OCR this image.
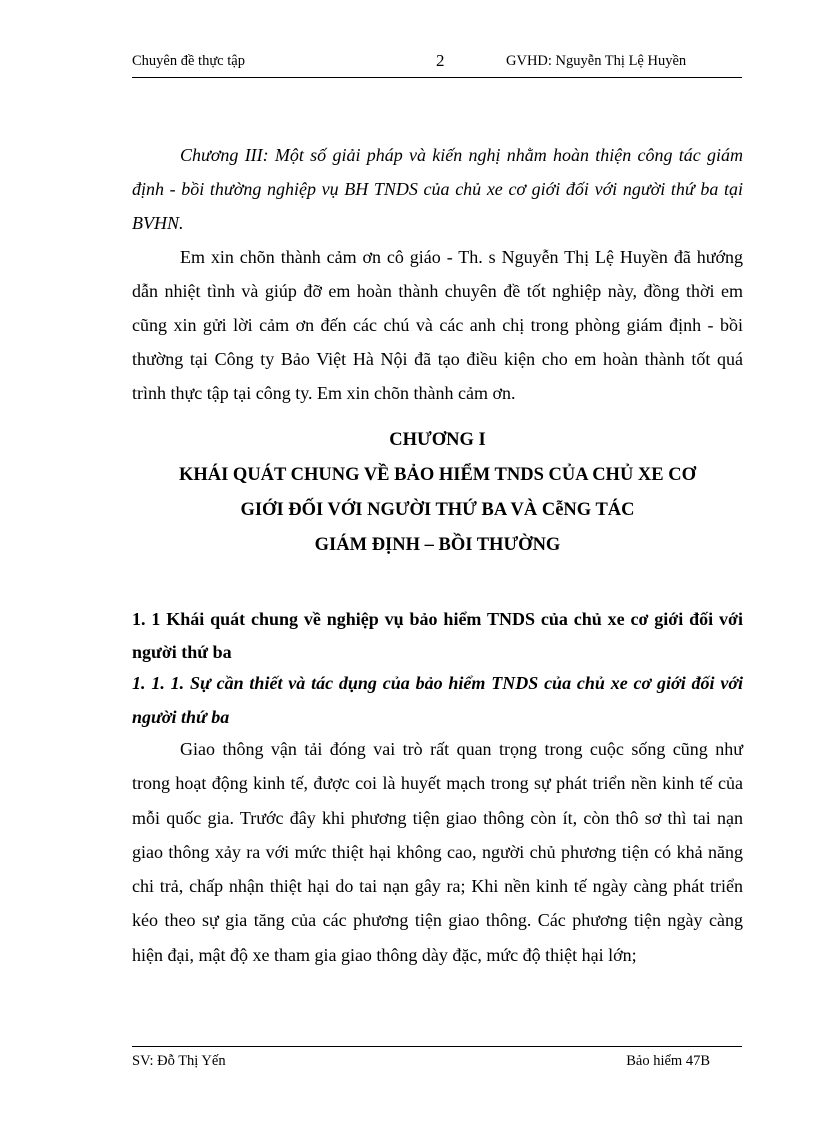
Chuyên đề thực tập	2	GVHD: Nguyễn Thị Lệ Huyền

Chương III: Một số giải pháp và kiến nghị nhằm hoàn thiện công tác giám định - bồi thường nghiệp vụ BH TNDS của chủ xe cơ giới đối với người thứ ba tại BVHN.

Em xin chõn thành cảm ơn cô giáo - Th. s Nguyễn Thị Lệ Huyền đã hướng dẫn nhiệt tình và giúp đỡ em hoàn thành chuyên đề tốt nghiệp này, đồng thời em cũng xin gửi lời cảm ơn đến các chú và các anh chị trong phòng giám định - bồi thường tại Công ty Bảo Việt Hà Nội đã tạo điều kiện cho em hoàn thành tốt quá trình thực tập tại công ty. Em xin chõn thành cảm ơn.

CHƯƠNG I
KHÁI QUÁT CHUNG VỀ BẢO HIỂM TNDS CỦA CHỦ XE CƠ
GIỚI ĐỐI VỚI NGƯỜI THỨ BA VÀ CễNG TÁC
GIÁM ĐỊNH – BỒI THƯỜNG
1. 1 Khái quát chung về nghiệp vụ bảo hiểm TNDS của chủ xe cơ giới đối với người thứ ba
1. 1. 1. Sự cần thiết và tác dụng của bảo hiểm TNDS của chủ xe cơ giới đối với người thứ ba

Giao thông vận tải đóng vai trò rất quan trọng trong cuộc sống cũng như trong hoạt động kinh tế, được coi là huyết mạch trong sự phát triển nền kinh tế của mỗi quốc gia. Trước đây khi phương tiện giao thông còn ít, còn thô sơ thì tai nạn giao thông xảy ra với mức thiệt hại không cao, người chủ phương tiện có khả năng chi trả, chấp nhận thiệt hại do tai nạn gây ra; Khi nền kinh tế ngày càng phát triển kéo theo sự gia tăng của các phương tiện giao thông. Các phương tiện ngày càng hiện đại, mật độ xe tham gia giao thông dày đặc, mức độ thiệt hại lớn;

SV: Đỗ Thị Yến	Bảo hiểm 47B
